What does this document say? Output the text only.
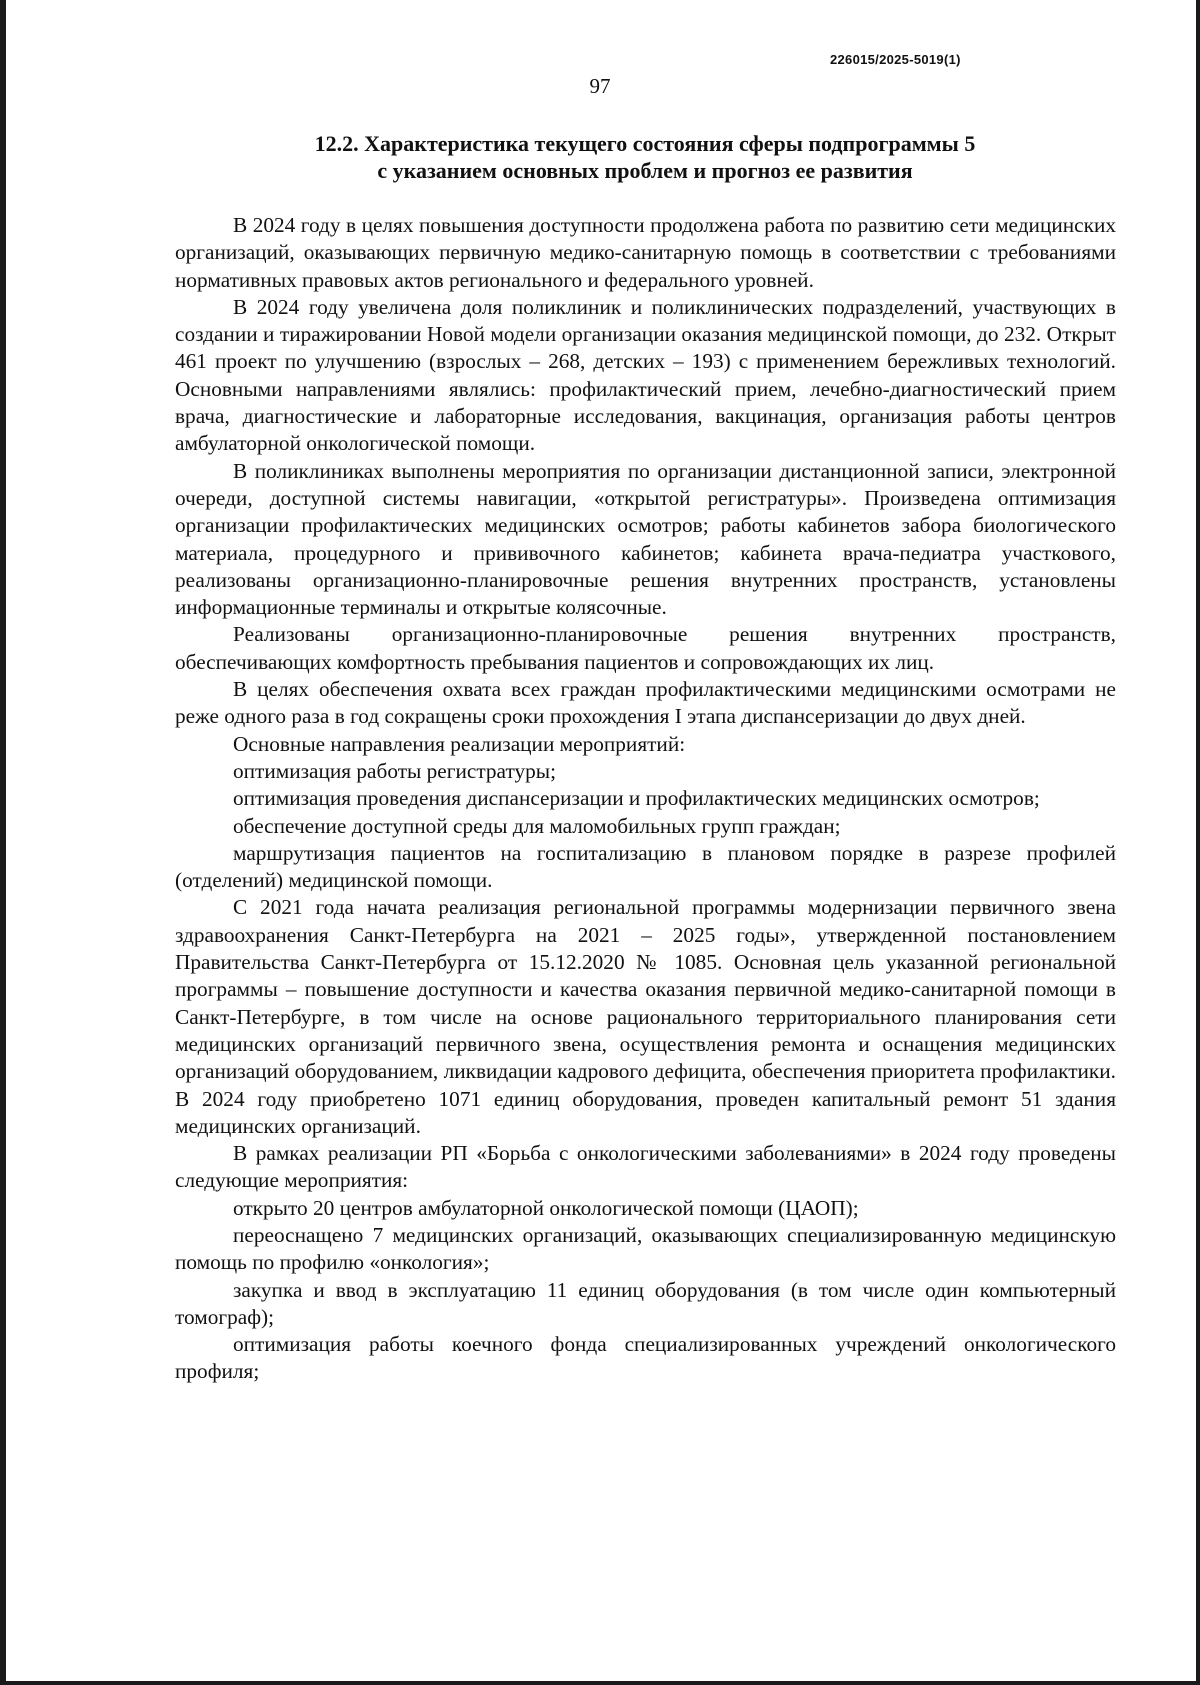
226015/2025-5019(1)
97
12.2. Характеристика текущего состояния сферы подпрограммы 5
с указанием основных проблем и прогноз ее развития

В 2024 году в целях повышения доступности продолжена работа по развитию сети медицинских организаций, оказывающих первичную медико-санитарную помощь в соответствии с требованиями нормативных правовых актов регионального и федерального уровней.

В 2024 году увеличена доля поликлиник и поликлинических подразделений, участвующих в создании и тиражировании Новой модели организации оказания медицинской помощи, до 232. Открыт 461 проект по улучшению (взрослых – 268, детских – 193) с применением бережливых технологий. Основными направлениями являлись: профилактический прием, лечебно-диагностический прием врача, диагностические и лабораторные исследования, вакцинация, организация работы центров амбулаторной онкологической помощи.

В поликлиниках выполнены мероприятия по организации дистанционной записи, электронной очереди, доступной системы навигации, «открытой регистратуры». Произведена оптимизация организации профилактических медицинских осмотров; работы кабинетов забора биологического материала, процедурного и прививочного кабинетов; кабинета врача-педиатра участкового, реализованы организационно-планировочные решения внутренних пространств, установлены информационные терминалы и открытые колясочные.

Реализованы организационно-планировочные решения внутренних пространств, обеспечивающих комфортность пребывания пациентов и сопровождающих их лиц.

В целях обеспечения охвата всех граждан профилактическими медицинскими осмотрами не реже одного раза в год сокращены сроки прохождения I этапа диспансеризации до двух дней.

Основные направления реализации мероприятий:

оптимизация работы регистратуры;

оптимизация проведения диспансеризации и профилактических медицинских осмотров;

обеспечение доступной среды для маломобильных групп граждан;

маршрутизация пациентов на госпитализацию в плановом порядке в разрезе профилей (отделений) медицинской помощи.

С 2021 года начата реализация региональной программы модернизации первичного звена здравоохранения Санкт-Петербурга на 2021 – 2025 годы», утвержденной постановлением Правительства Санкт-Петербурга от 15.12.2020 № 1085. Основная цель указанной региональной программы – повышение доступности и качества оказания первичной медико-санитарной помощи в Санкт-Петербурге, в том числе на основе рационального территориального планирования сети медицинских организаций первичного звена, осуществления ремонта и оснащения медицинских организаций оборудованием, ликвидации кадрового дефицита, обеспечения приоритета профилактики. В 2024 году приобретено 1071 единиц оборудования, проведен капитальный ремонт 51 здания медицинских организаций.

В рамках реализации РП «Борьба с онкологическими заболеваниями» в 2024 году проведены следующие мероприятия:

открыто 20 центров амбулаторной онкологической помощи (ЦАОП);

переоснащено 7 медицинских организаций, оказывающих специализированную медицинскую помощь по профилю «онкология»;

закупка и ввод в эксплуатацию 11 единиц оборудования (в том числе один компьютерный томограф);

оптимизация работы коечного фонда специализированных учреждений онкологического профиля;
